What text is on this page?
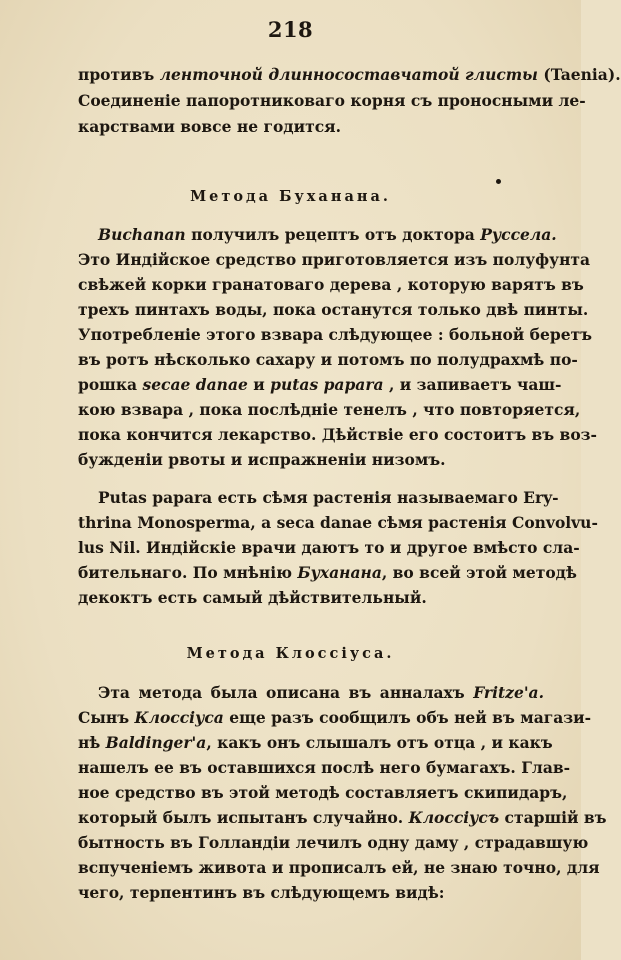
218
противъ ленточной длинносоставчатой глисты (Taenia).
Соединеніе папоротниковаго корня съ проносными ле-
карствами вовсе не годится.
Метода Буханана.
Buchanan получилъ рецептъ отъ доктора Руссела.
Это Индійское средство приготовляется изъ полуфунта
свѣжей корки гранатоваго дерева , которую варятъ въ
трехъ пинтахъ воды, пока останутся только двѣ пинты.
Употребленіе этого взвара слѣдующее : больной беретъ
въ ротъ нѣсколько сахару и потомъ по полудрахмѣ по-
рошка secae danae и putas papara , и запиваетъ чаш-
кою взвара , пока послѣдніе тенелъ , что повторяется,
пока кончится лекарство. Дѣйствіе его состоитъ въ воз-
бужденіи рвоты и испражненіи низомъ.
Putas papara есть сѣмя растенія называемаго Ery-
thrina Monosperma, а seca danae сѣмя растенія Convolvu-
lus Nil. Индійскіе врачи даютъ то и другое вмѣсто сла-
бительнаго. По мнѣнію Буханана, во всей этой методѣ
декоктъ есть самый дѣйствительный.
Метода Клоссіуса.
Эта метода была описана въ анналахъ Fritze'a.
Сынъ Клоссіуса еще разъ сообщилъ объ ней въ магази-
нѣ Baldinger'a, какъ онъ слышалъ отъ отца , и какъ
нашелъ ее въ оставшихся послѣ него бумагахъ. Глав-
ное средство въ этой методѣ составляетъ скипидаръ,
который былъ испытанъ случайно. Клоссіусъ старшій въ
бытность въ Голландіи лечилъ одну даму , страдавшую
вспученіемъ живота и прописалъ ей, не знаю точно, для
чего, терпентинъ въ слѣдующемъ видѣ:
